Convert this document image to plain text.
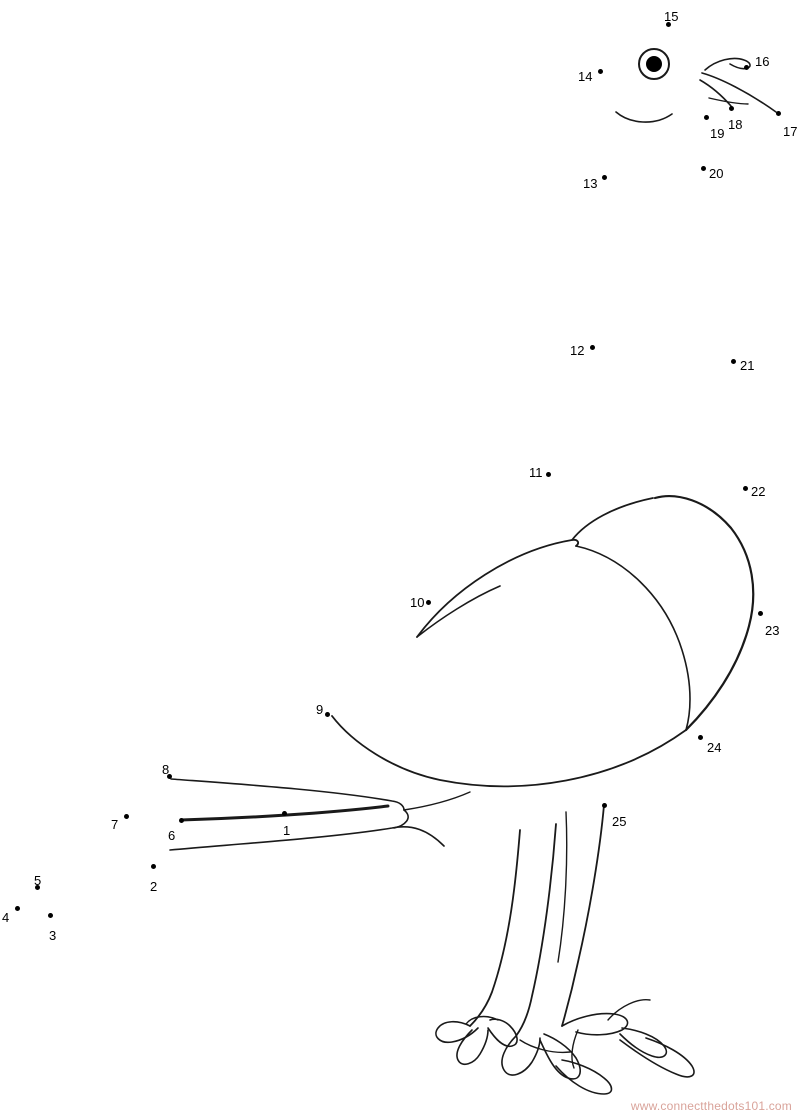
1
2
3
4
5
6
7
8
9
10
11
12
13
14
15
16
17
18
19
20
21
22
23
24
25
www.connectthedots101.com
